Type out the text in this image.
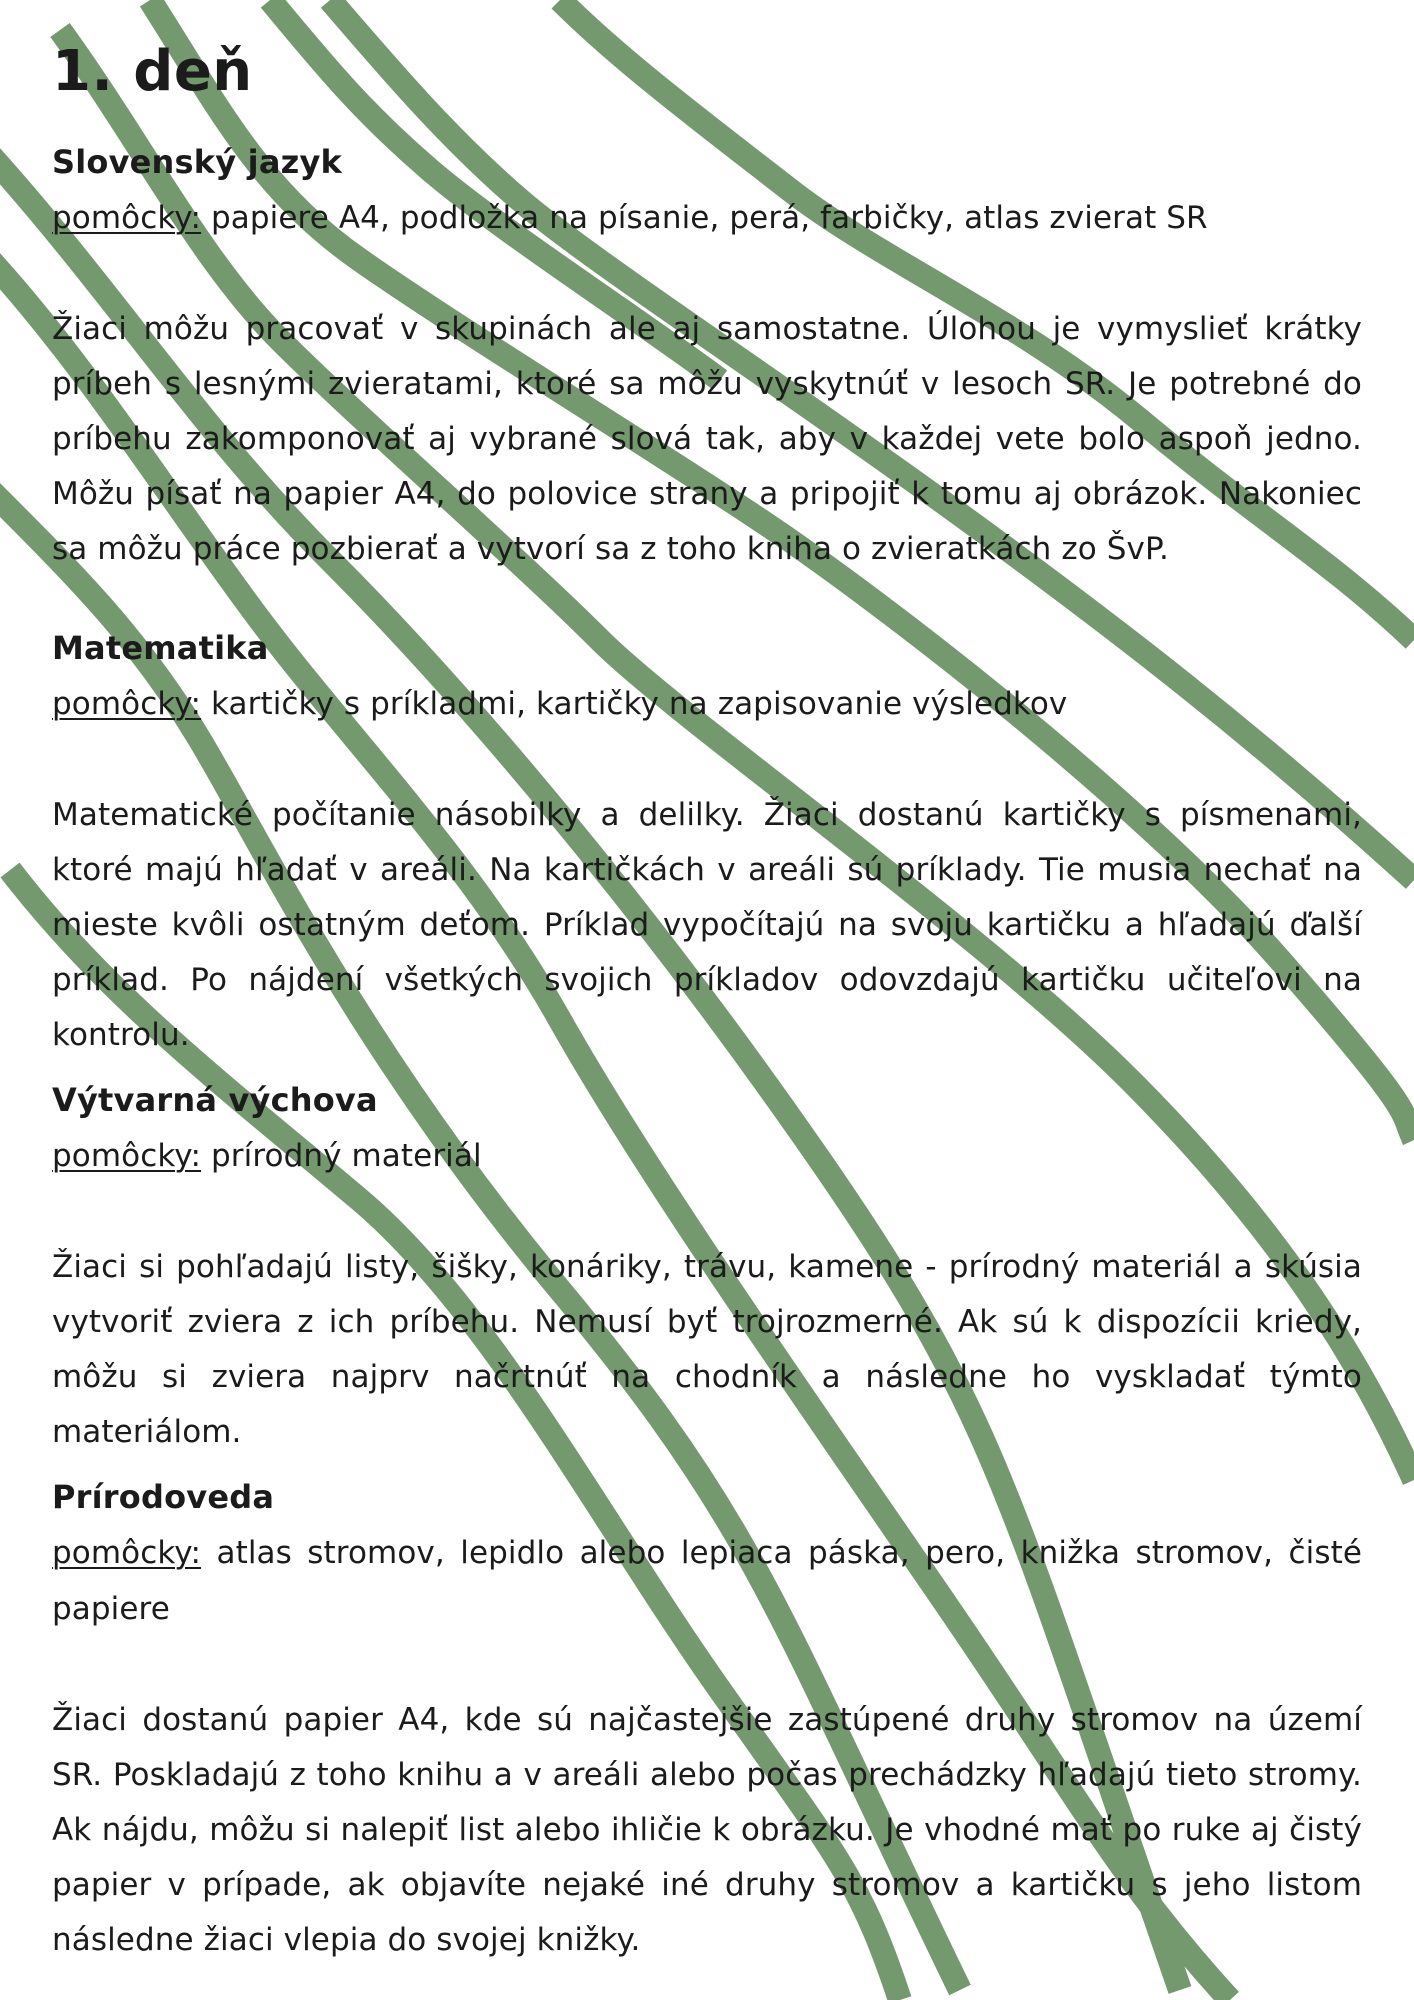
1. deň
Slovenský jazyk

pomôcky: papiere A4, podložka na písanie, perá, farbičky, atlas zvierat SR

Žiaci môžu pracovať v skupinách ale aj samostatne. Úlohou je vymyslieť krátky príbeh s lesnými zvieratami, ktoré sa môžu vyskytnúť v lesoch SR. Je potrebné do príbehu zakomponovať aj vybrané slová tak, aby v každej vete bolo aspoň jedno. Môžu písať na papier A4, do polovice strany a pripojiť k tomu aj obrázok. Nakoniec sa môžu práce pozbierať a vytvorí sa z toho kniha o zvieratkách zo ŠvP.

Matematika

pomôcky: kartičky s príkladmi, kartičky na zapisovanie výsledkov

Matematické počítanie násobilky a delilky. Žiaci dostanú kartičky s písmenami, ktoré majú hľadať v areáli. Na kartičkách v areáli sú príklady. Tie musia nechať na mieste kvôli ostatným deťom. Príklad vypočítajú na svoju kartičku a hľadajú ďalší príklad. Po nájdení všetkých svojich príkladov odovzdajú kartičku učiteľovi na kontrolu.

Výtvarná výchova

pomôcky: prírodný materiál

Žiaci si pohľadajú listy, šišky, konáriky, trávu, kamene - prírodný materiál a skúsia vytvoriť zviera z ich príbehu. Nemusí byť trojrozmerné. Ak sú k dispozícii kriedy, môžu si zviera najprv načrtnúť na chodník a následne ho vyskladať týmto materiálom.

Prírodoveda

pomôcky: atlas stromov, lepidlo alebo lepiaca páska, pero, knižka stromov, čisté papiere

Žiaci dostanú papier A4, kde sú najčastejšie zastúpené druhy stromov na území SR. Poskladajú z toho knihu a v areáli alebo počas prechádzky hľadajú tieto stromy. Ak nájdu, môžu si nalepiť list alebo ihličie k obrázku. Je vhodné mať po ruke aj čistý papier v prípade, ak objavíte nejaké iné druhy stromov a kartičku s jeho listom následne žiaci vlepia do svojej knižky.
